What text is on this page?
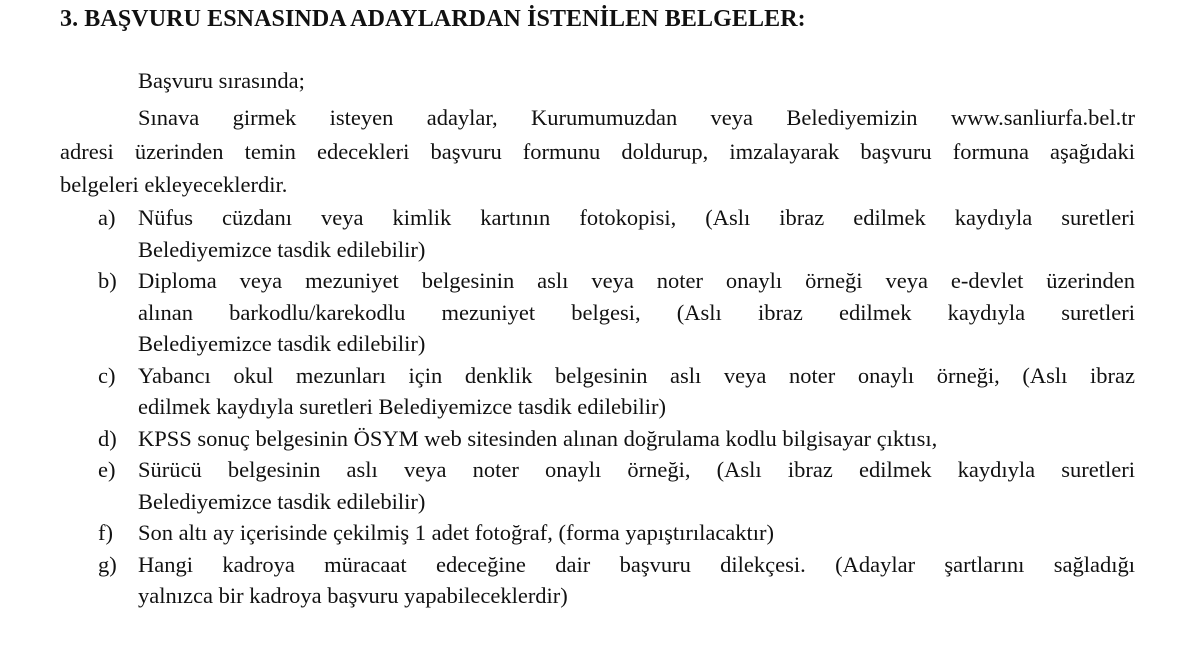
3. BAŞVURU ESNASINDA ADAYLARDAN İSTENİLEN BELGELER:
Başvuru sırasında;
Sınava girmek isteyen adaylar, Kurumumuzdan veya Belediyemizin www.sanliurfa.bel.tr
adresi üzerinden temin edecekleri başvuru formunu doldurup, imzalayarak başvuru formuna aşağıdaki
belgeleri ekleyeceklerdir.
a)	Nüfus cüzdanı veya kimlik kartının fotokopisi, (Aslı ibraz edilmek kaydıyla suretleri
Belediyemizce tasdik edilebilir)
b) Diploma veya mezuniyet belgesinin aslı veya noter onaylı örneği veya e-devlet üzerinden
alınan barkodlu/karekodlu mezuniyet belgesi, (Aslı ibraz edilmek kaydıyla suretleri
Belediyemizce tasdik edilebilir)
c)	Yabancı okul mezunları için denklik belgesinin aslı veya noter onaylı örneği, (Aslı ibraz
edilmek kaydıyla suretleri Belediyemizce tasdik edilebilir)
d) KPSS sonuç belgesinin ÖSYM web sitesinden alınan doğrulama kodlu bilgisayar çıktısı,
e)	Sürücü belgesinin aslı veya noter onaylı örneği, (Aslı ibraz edilmek kaydıyla suretleri
Belediyemizce tasdik edilebilir)
f)	Son altı ay içerisinde çekilmiş 1 adet fotoğraf, (forma yapıştırılacaktır)
g) Hangi kadroya müracaat edeceğine dair başvuru dilekçesi. (Adaylar şartlarını sağladığı
yalnızca bir kadroya başvuru yapabileceklerdir)
